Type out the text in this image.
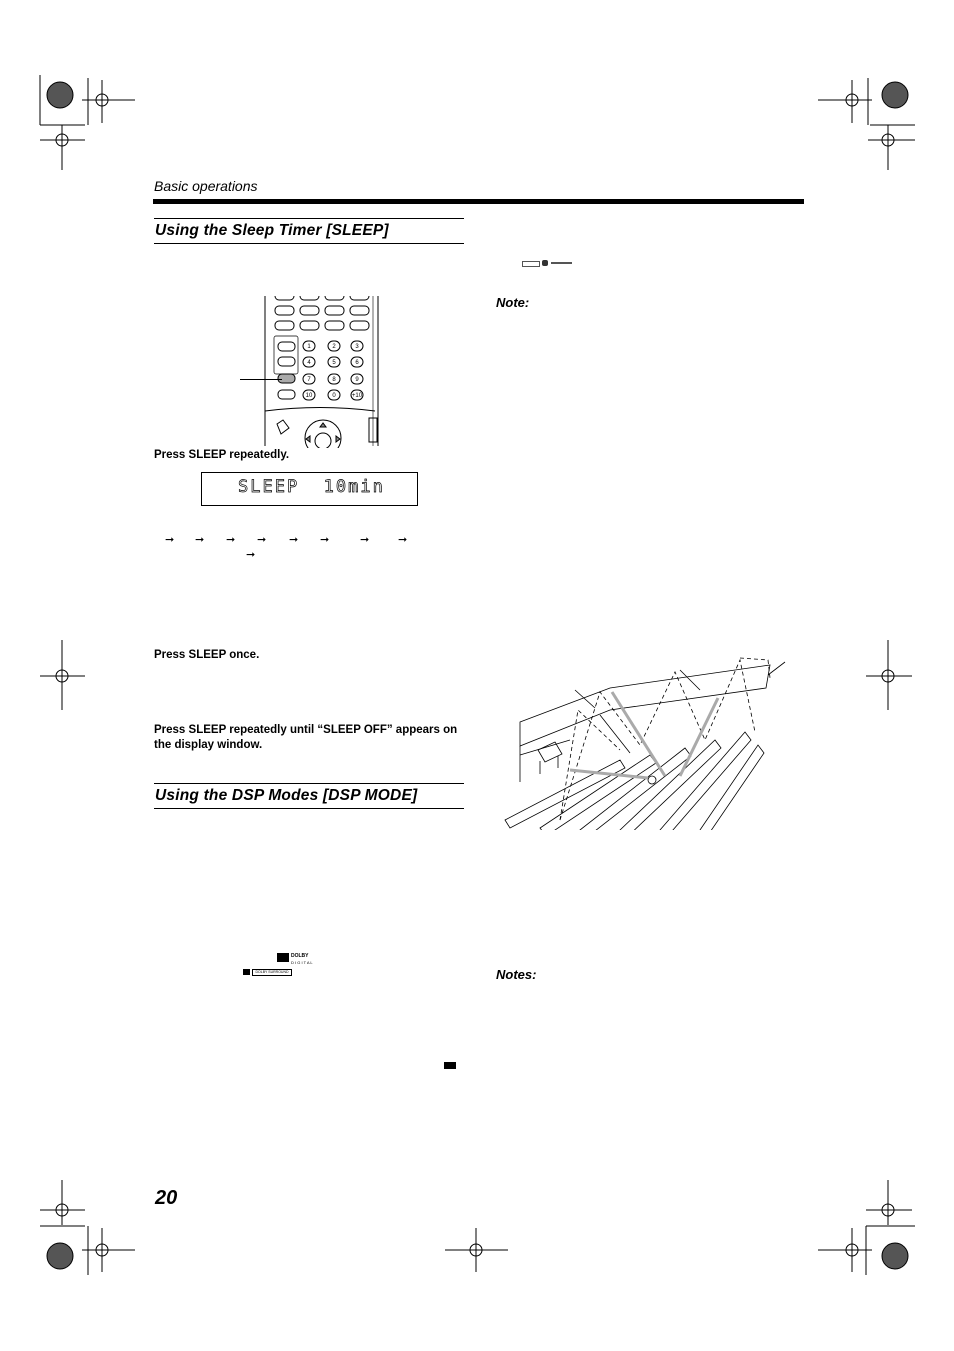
Basic operations
Using the Sleep Timer [SLEEP]
1	2	3
4	5	6
7	8	9
10	0	+10
Press SLEEP repeatedly.
SLEEP  10min
➞ ➞ ➞ ➞ ➞ ➞	➞	➞
➞
Press SLEEP once.
Press SLEEP repeatedly until “SLEEP OFF” appears on the display window.
Using the DSP Modes [DSP MODE]
DOLBY
D I G I T A L
DOLBY SURROUND
Note:
Notes:
20
